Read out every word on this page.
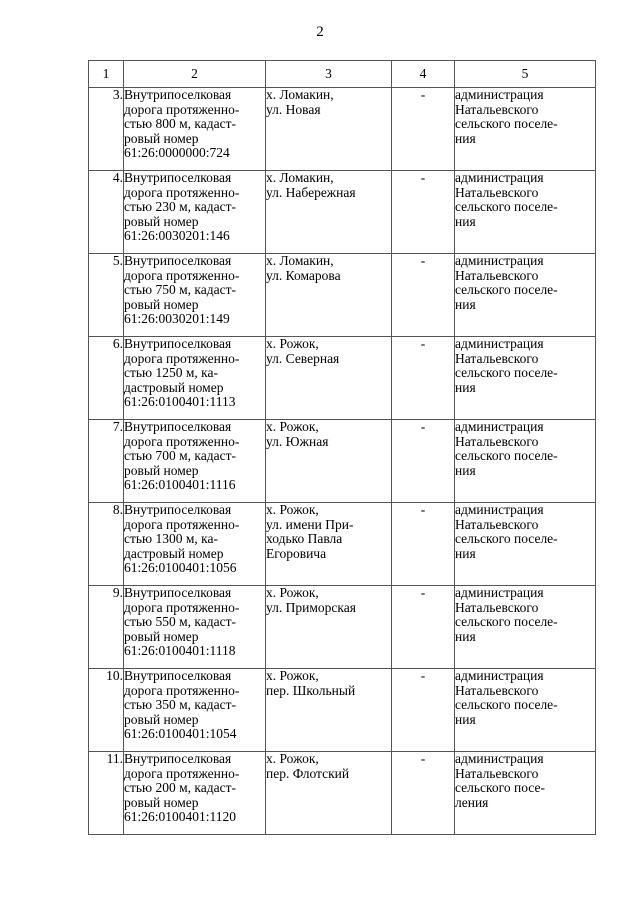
2
1	2	3	4	5
3.	Внутрипоселковая
дорога протяженно-
стью 800 м, кадаст-
ровый номер
61:26:0000000:724	х. Ломакин,
ул. Новая	-	администрация
Натальевского
сельского поселе-
ния

4.	Внутрипоселковая
дорога протяженно-
стью 230 м, кадаст-
ровый номер
61:26:0030201:146	х. Ломакин,
ул. Набережная	-	администрация
Натальевского
сельского поселе-
ния

5.	Внутрипоселковая
дорога протяженно-
стью 750 м, кадаст-
ровый номер
61:26:0030201:149	х. Ломакин,
ул. Комарова	-	администрация
Натальевского
сельского поселе-
ния

6.	Внутрипоселковая
дорога протяженно-
стью 1250 м, ка-
дастровый номер
61:26:0100401:1113	х. Рожок,
ул. Северная	-	администрация
Натальевского
сельского поселе-
ния

7.	Внутрипоселковая
дорога протяженно-
стью 700 м, кадаст-
ровый номер
61:26:0100401:1116	х. Рожок,
ул. Южная	-	администрация
Натальевского
сельского поселе-
ния

8.	Внутрипоселковая
дорога протяженно-
стью 1300 м, ка-
дастровый номер
61:26:0100401:1056	х. Рожок,
ул. имени При-
ходько Павла
Егоровича	-	администрация
Натальевского
сельского поселе-
ния

9.	Внутрипоселковая
дорога протяженно-
стью 550 м, кадаст-
ровый номер
61:26:0100401:1118	х. Рожок,
ул. Приморская	-	администрация
Натальевского
сельского поселе-
ния

10.	Внутрипоселковая
дорога протяженно-
стью 350 м, кадаст-
ровый номер
61:26:0100401:1054	х. Рожок,
пер. Школьный	-	администрация
Натальевского
сельского поселе-
ния

11.	Внутрипоселковая
дорога протяженно-
стью 200 м, кадаст-
ровый номер
61:26:0100401:1120	х. Рожок,
пер. Флотский	-	администрация
Натальевского
сельского посе-
ления
